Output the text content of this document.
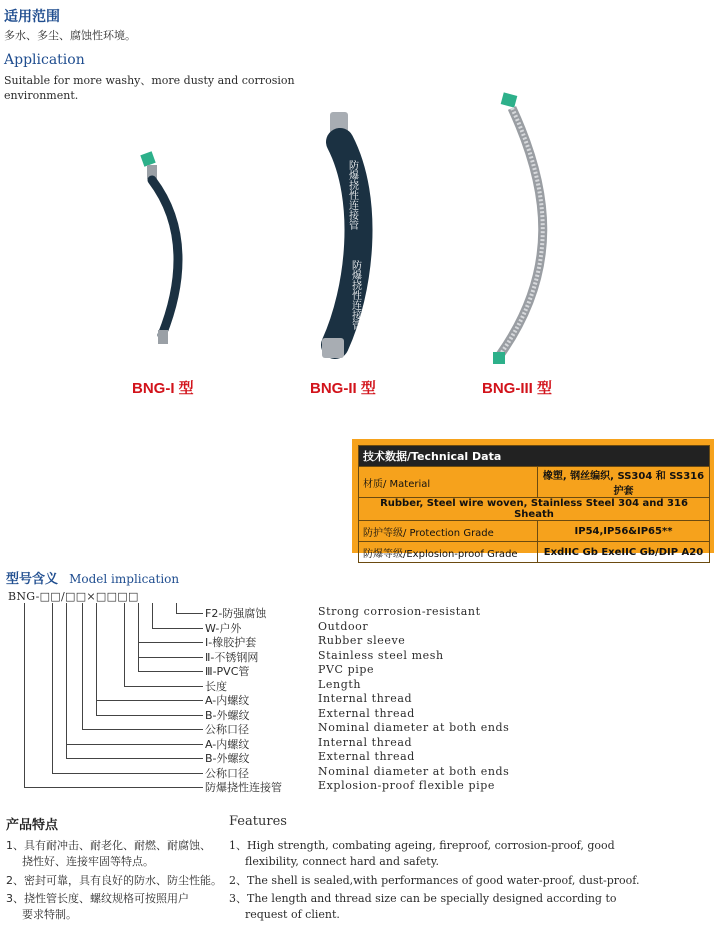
适用范围
多水、多尘、腐蚀性环境。
Application
Suitable for more washy、more dusty and corrosion
environment.
防爆挠性连接管
防爆挠性连接管
BNG-I 型	BNG-II 型	BNG-III 型
技术数据/Technical Data	
材质/ Material	橡塑, 钢丝编织, SS304 和 SS316护套
Rubber, Steel wire woven, Stainless Steel 304 and 316 Sheath	
防护等级/ Protection Grade	IP54,IP56&IP65**
防爆等级/Explosion-proof Grade	ExdIIC Gb ExeIIC Gb/DIP A20
型号含义 Model implication
BNG-□□/□□×□□□□
F2-防强腐蚀	Strong corrosion-resistant
W-户外	Outdoor
Ⅰ-橡胶护套	Rubber sleeve
Ⅱ-不锈钢网	Stainless steel mesh
Ⅲ-PVC管	PVC pipe
长度	Length
A-内螺纹	Internal thread
B-外螺纹	External thread
公称口径	Nominal diameter at both ends
A-内螺纹	Internal thread
B-外螺纹	External thread
公称口径	Nominal diameter at both ends
防爆挠性连接管	Explosion-proof flexible pipe
产品特点	Features
1、具有耐冲击、耐老化、耐燃、耐腐蚀、
挠性好、连接牢固等特点。
2、密封可靠，具有良好的防水、防尘性能。
3、挠性管长度、螺纹规格可按照用户
要求特制。
1、High strength, combating ageing, fireproof, corrosion-proof, good
flexibility, connect hard and safety.
2、The shell is sealed,with performances of good water-proof, dust-proof.
3、The length and thread size can be specially designed according to
request of client.
